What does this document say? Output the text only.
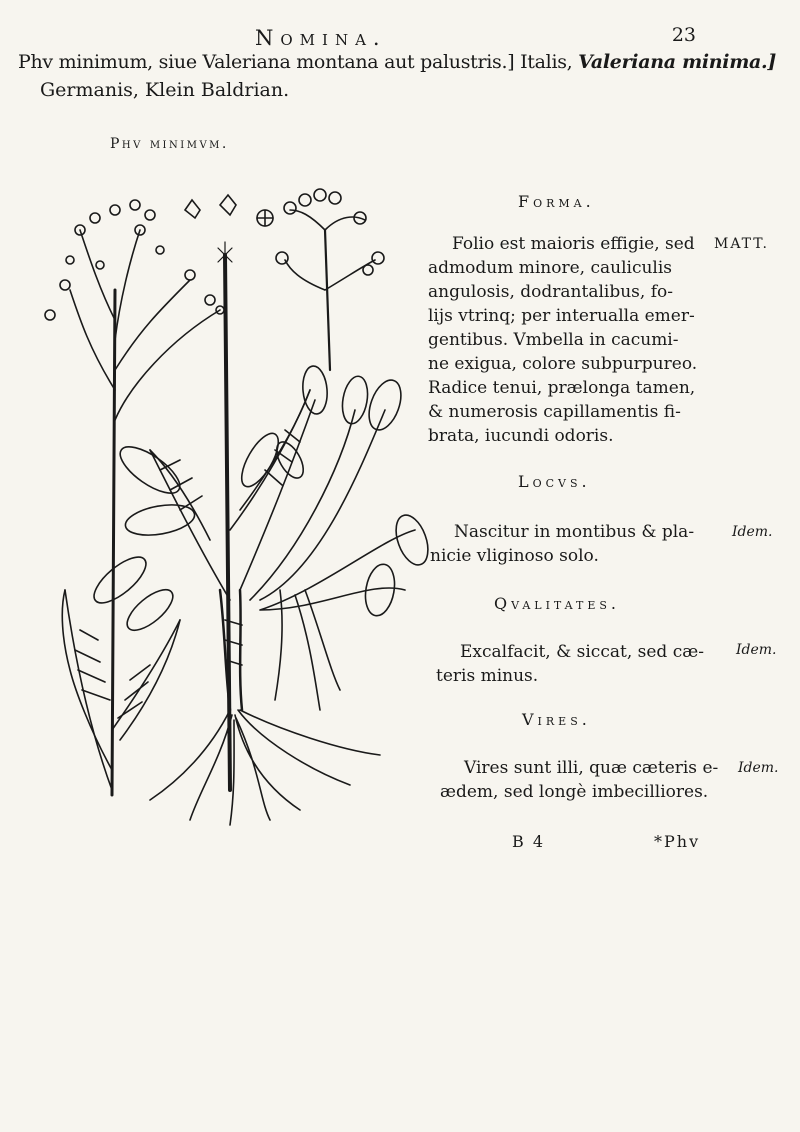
Nomina.	23
Phv minimum, siue Valeriana montana aut palustris.] Italis, Valeriana minima.]
Germanis, Klein Baldrian.
Phv minimvm.
Forma.
Folio est maioris effigie, sed
admodum minore, cauliculis
angulosis, dodrantalibus, fo-
lijs vtrinq; per interualla emer-
gentibus. Vmbella in cacumi-
ne exigua, colore subpurpureo.
Radice tenui, prælonga tamen,
& numerosis capillamentis fi-
brata, iucundi odoris.
MATT.
Locvs.
Nascitur in montibus & pla-
nicie vliginoso solo.
Idem.
Qvalitates.
Excalfacit, & siccat, sed cæ-
teris minus.
Idem.
Vires.
Vires sunt illi, quæ cæteris e-
ædem, sed longè imbecilliores.
Idem.
B 4	*Phv
